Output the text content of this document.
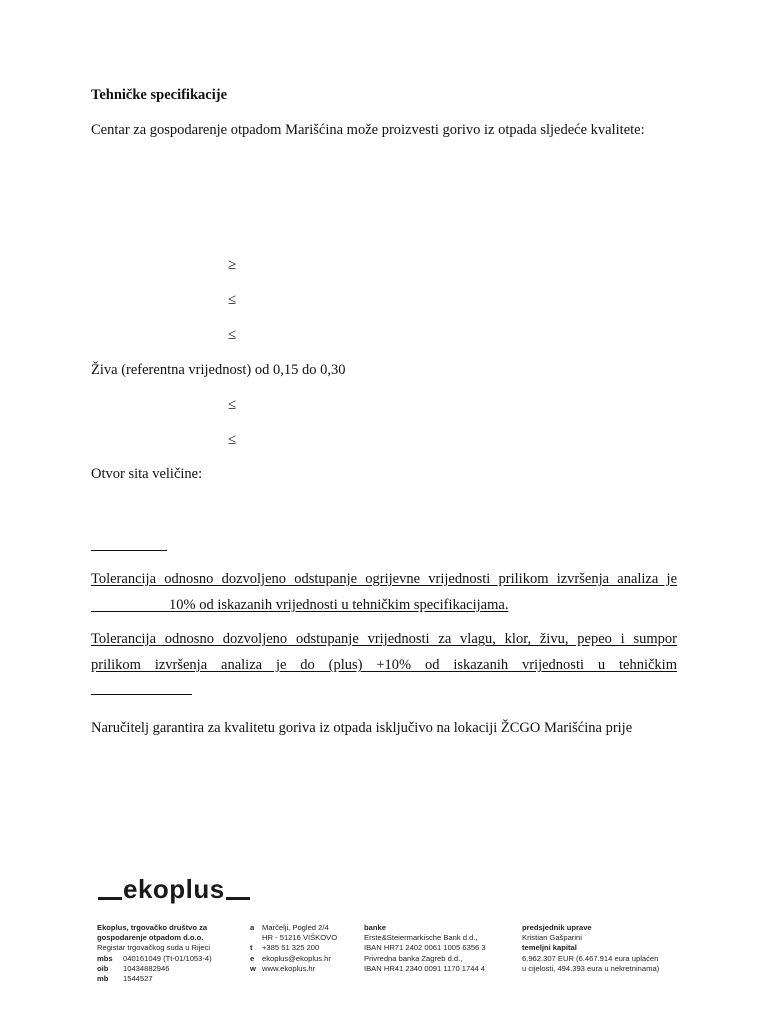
Tehničke specifikacije
Centar za gospodarenje otpadom Marišćina može proizvesti gorivo iz otpada sljedeće kvalitete:
≥
≤
≤
Živa (referentna vrijednost) od 0,15 do 0,30
≤
≤
Otvor sita veličine:
Tolerancija odnosno dozvoljeno odstupanje ogrijevne vrijednosti prilikom izvršenja analiza je
10% od iskazanih vrijednosti u tehničkim specifikacijama.
Tolerancija odnosno dozvoljeno odstupanje vrijednosti za vlagu, klor, živu, pepeo i sumpor
prilikom izvršenja analiza je do (plus) +10% od iskazanih vrijednosti u tehničkim
Naručitelj garantira za kvalitetu goriva iz otpada isključivo na lokaciji ŽCGO Marišćina prije
ekoplus
Ekoplus, trgovačko društvo za
gospodarenje otpadom d.o.o.
Registar trgovačkog suda u Rijeci
mbs	040161049 (Tt-01/1053-4)
oib	10434882946
mb	1544527
a	Marčelji, Pogled 2/4
HR - 51216 VIŠKOVO
t	+385 51 325 200
e	ekoplus@ekoplus.hr
w www.ekoplus.hr
banke
Erste&Steiermarkische Bank d.d.,
IBAN HR71 2402 0061 1005 6356 3
Privredna banka Zagreb d.d.,
IBAN HR41 2340 0091 1170 1744 4
predsjednik uprave
Kristian Gašparini
temeljni kapital
6.962.307 EUR (6.467.914 eura uplaćen
u cijelosti, 494.393 eura u nekretninama)
